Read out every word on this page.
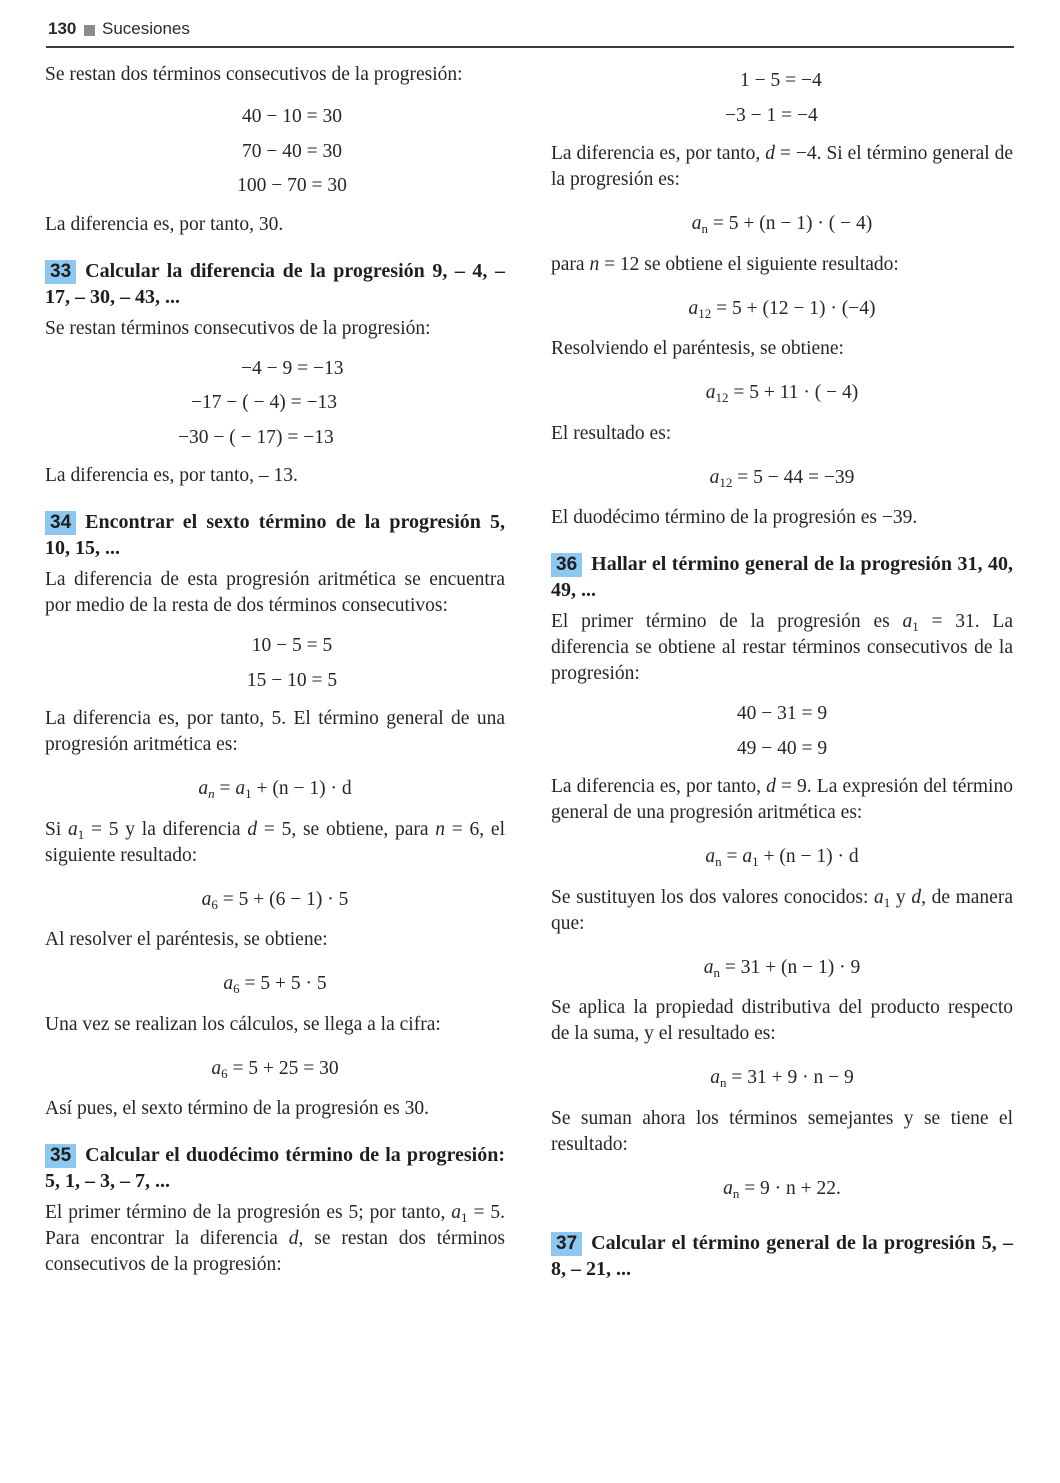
130 Sucesiones

Se restan dos términos consecutivos de la progresión:

40 − 10 = 30
70 − 40 = 30
100 − 70 = 30

La diferencia es, por tanto, 30.

33 Calcular la diferencia de la progresión 9, – 4, – 17, – 30, – 43, ...

Se restan términos consecutivos de la progresión:

−4 − 9 = −13
−17 − ( − 4) = −13
−30 − ( − 17) = −13

La diferencia es, por tanto, – 13.

34 Encontrar el sexto término de la progresión 5, 10, 15, ...

La diferencia de esta progresión aritmética se encuentra por medio de la resta de dos términos consecutivos:

10 − 5 = 5
15 − 10 = 5

La diferencia es, por tanto, 5. El término general de una progresión aritmética es:

$a_n = a_1 + (n - 1) \cdot d$

Si $a_1 = 5$ y la diferencia d = 5, se obtiene, para n = 6, el siguiente resultado:

$a_6 = 5 + (6 - 1) \cdot 5$

Al resolver el paréntesis, se obtiene:

$a_6 = 5 + 5 \cdot 5$

Una vez se realizan los cálculos, se llega a la cifra:

$a_6 = 5 + 25 = 30$

Así pues, el sexto término de la progresión es 30.

35 Calcular el duodécimo término de la progresión: 5, 1, – 3, – 7, ...

El primer término de la progresión es 5; por tanto, $a_1 = 5$. Para encontrar la diferencia d, se restan dos términos consecutivos de la progresión:

1 − 5 = −4
−3 − 1 = −4

La diferencia es, por tanto, d = −4. Si el término general de la progresión es:

$a_n = 5 + (n - 1)$ · ( − 4)

para n = 12 se obtiene el siguiente resultado:

$a_{12} = 5 + (12 - 1) \cdot (-4)$

Resolviendo el paréntesis, se obtiene:

$a_{12} = 5 + 11$ · ( − 4)

El resultado es:

$a_{12} = 5 - 44 = -39$

El duodécimo término de la progresión es −39.

36 Hallar el término general de la progresión 31, 40, 49, ...

El primer término de la progresión es $a_1 = 31$. La diferencia se obtiene al restar términos consecutivos de la progresión:

40 − 31 = 9
49 − 40 = 9

La diferencia es, por tanto, d = 9. La expresión del término general de una progresión aritmética es:

$a_n = a_1 + (n - 1) \cdot d$

Se sustituyen los dos valores conocidos: $a_1$ y d, de manera que:

$a_n = 31 + (n - 1) \cdot 9$

Se aplica la propiedad distributiva del producto respecto de la suma, y el resultado es:

$a_n = 31 + 9 \cdot n - 9$

Se suman ahora los términos semejantes y se tiene el resultado:

$a_n = 9 \cdot n + 22$.

37 Calcular el término general de la progresión 5, – 8, – 21, ...
